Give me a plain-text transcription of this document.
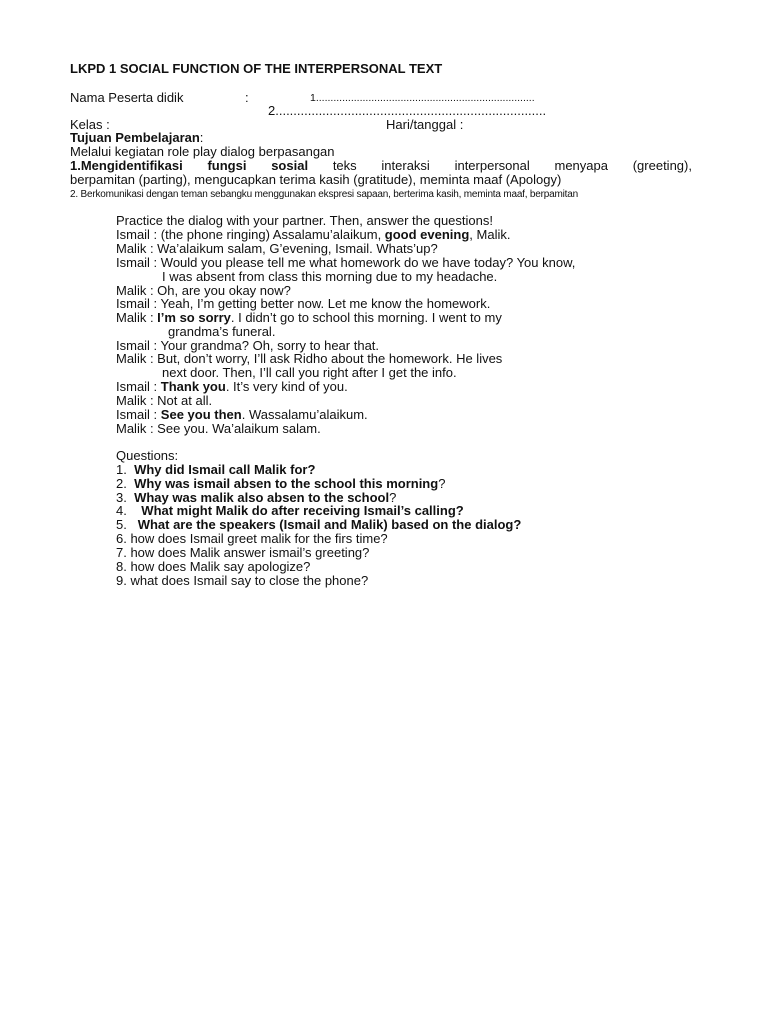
LKPD 1 SOCIAL FUNCTION OF THE INTERPERSONAL TEXT
Nama Peserta didik	:	1...........................................................................
2...........................................................................
Kelas :	Hari/tanggal :
Tujuan Pembelajaran:
Melalui kegiatan role play dialog berpasangan
1.Mengidentifikasi fungsi sosial teks interaksi interpersonal menyapa (greeting),
berpamitan (parting), mengucapkan terima kasih (gratitude), meminta maaf (Apology)
2. Berkomunikasi dengan teman sebangku menggunakan ekspresi sapaan, berterima kasih, meminta maaf, berpamitan
Practice the dialog with your partner. Then, answer the questions!
Ismail : (the phone ringing) Assalamu’alaikum, good evening, Malik.
Malik : Wa’alaikum salam, G’evening, Ismail. Whats’up?
Ismail : Would you please tell me what homework do we have today? You know,
I was absent from class this morning due to my headache.
Malik : Oh, are you okay now?
Ismail : Yeah, I’m getting better now. Let me know the homework.
Malik : I’m so sorry. I didn’t go to school this morning. I went to my
grandma’s funeral.
Ismail : Your grandma? Oh, sorry to hear that.
Malik : But, don’t worry, I’ll ask Ridho about the homework. He lives
next door. Then, I’ll call you right after I get the info.
Ismail : Thank you. It’s very kind of you.
Malik : Not at all.
Ismail : See you then. Wassalamu’alaikum.
Malik : See you. Wa’alaikum salam.
Questions:
1. Why did Ismail call Malik for?
2. Why was ismail absen to the school this morning?
3. Whay was malik also absen to the school?
4. What might Malik do after receiving Ismail’s calling?
5. What are the speakers (Ismail and Malik) based on the dialog?
6. how does Ismail greet malik for the firs time?
7. how does Malik answer ismail’s greeting?
8. how does Malik say apologize?
9. what does Ismail say to close the phone?
